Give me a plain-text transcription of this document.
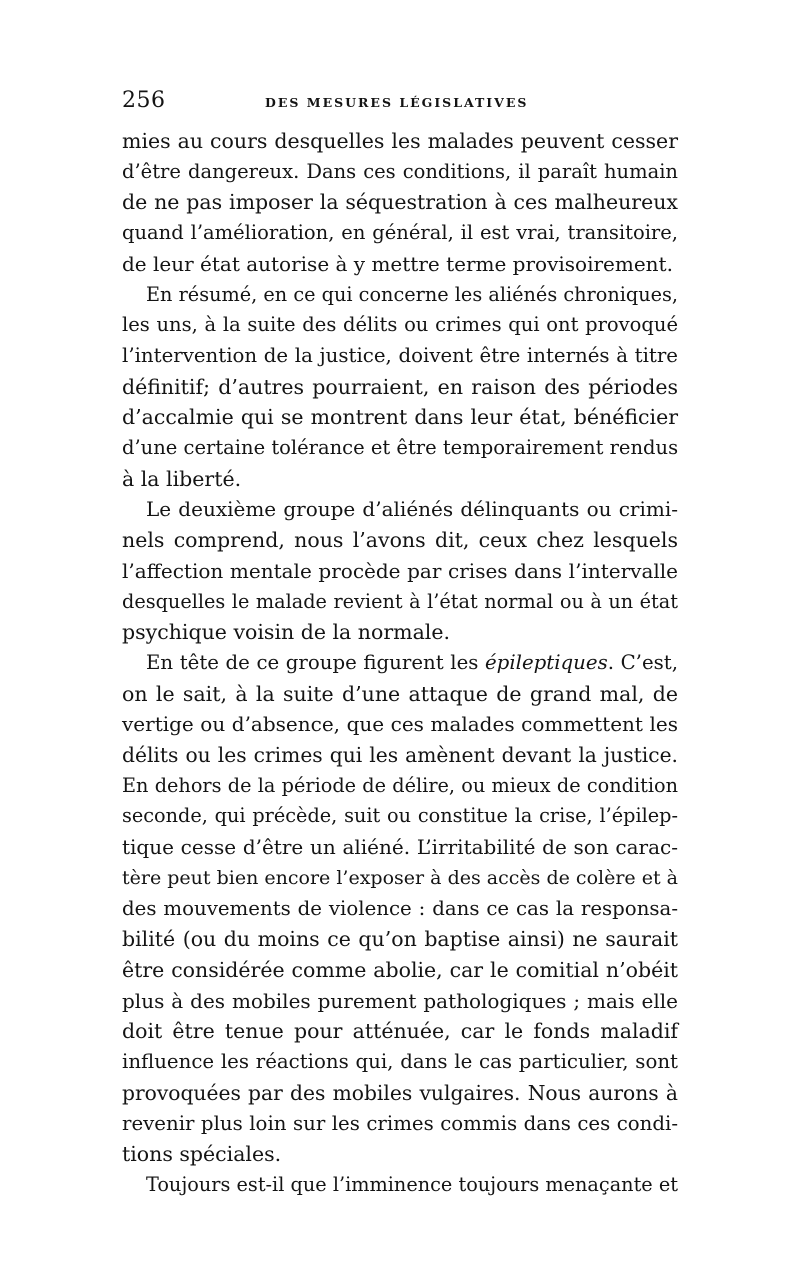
256	DES MESURES LÉGISLATIVES
mies au cours desquelles les malades peuvent cesser
d’être dangereux. Dans ces conditions, il paraît humain
de ne pas imposer la séquestration à ces malheureux
quand l’amélioration, en général, il est vrai, transitoire,
de leur état autorise à y mettre terme provisoirement.
En résumé, en ce qui concerne les aliénés chroniques,
les uns, à la suite des délits ou crimes qui ont provoqué
l’intervention de la justice, doivent être internés à titre
définitif; d’autres pourraient, en raison des périodes
d’accalmie qui se montrent dans leur état, bénéficier
d’une certaine tolérance et être temporairement rendus
à la liberté.
Le deuxième groupe d’aliénés délinquants ou crimi-
nels comprend, nous l’avons dit, ceux chez lesquels
l’affection mentale procède par crises dans l’intervalle
desquelles le malade revient à l’état normal ou à un état
psychique voisin de la normale.
En tête de ce groupe figurent les épileptiques. C’est,
on le sait, à la suite d’une attaque de grand mal, de
vertige ou d’absence, que ces malades commettent les
délits ou les crimes qui les amènent devant la justice.
En dehors de la période de délire, ou mieux de condition
seconde, qui précède, suit ou constitue la crise, l’épilep-
tique cesse d’être un aliéné. L’irritabilité de son carac-
tère peut bien encore l’exposer à des accès de colère et à
des mouvements de violence : dans ce cas la responsa-
bilité (ou du moins ce qu’on baptise ainsi) ne saurait
être considérée comme abolie, car le comitial n’obéit
plus à des mobiles purement pathologiques ; mais elle
doit être tenue pour atténuée, car le fonds maladif
influence les réactions qui, dans le cas particulier, sont
provoquées par des mobiles vulgaires. Nous aurons à
revenir plus loin sur les crimes commis dans ces condi-
tions spéciales.
Toujours est-il que l’imminence toujours menaçante et
